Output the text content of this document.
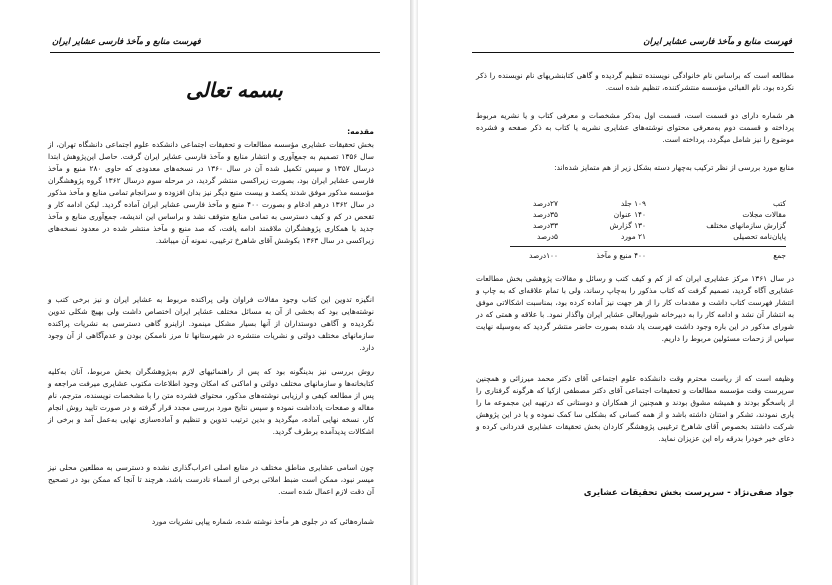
فهرست منابع و مآخذ فارسی عشایر ایران
بسمه تعالی
مقدمه:

بخش تحقیقات عشایری مؤسسه مطالعات و تحقیقات اجتماعی دانشکده علوم اجتماعی دانشگاه تهران، از سال ۱۳۵۶ تصمیم به جمع‌آوری و انتشار منابع و مآخذ فارسی عشایر ایران گرفت. حاصل این‌پژوهش ابتدا درسال ۱۳۵۷ و سپس تکمیل شده آن در سال ۱۳۶۰ در نسخه‌های معدودی که حاوی ۲۸۰ منبع و مآخذ فارسی عشایر ایران بود، بصورت زیراکسی منتشر گردید، در مرحله سوم درسال ۱۳۶۲ گروه پژوهشگران مؤسسه مذکور موفق شدند یکصد و بیست منبع دیگر نیز بدان افزوده و سرانجام تمامی منابع و مآخذ مذکور در سال ۱۳۶۲ درهم ادغام و بصورت ۴۰۰ منبع و مآخذ فارسی عشایر ایران آماده گردید. لیکن ادامه کار و تفحص در کم و کیف دسترسی به تمامی منابع متوقف نشد و براساس این اندیشه، جمع‌آوری منابع و مآخذ جدید با همکاری پژوهشگران ملاقمند ادامه یافت، که صد منبع و مآخذ منتشر شده در معدود نسخه‌های زیراکسی در سال ۱۳۶۳ بکوشش آقای شاهرخ ترغیبی، نمونه آن میباشد.

انگیزه تدوین این کتاب وجود مقالات فراوان ولی پراکنده مربوط به عشایر ایران و نیز برخی کتب و نوشته‌هایی بود که بخشی از آن به مسائل مختلف عشایر ایران اختصاص داشت ولی بهیچ شکلی تدوین نگردیده و آگاهی دوستداران از آنها بسیار مشکل مینمود. ازاینرو گاهی دسترسی به نشریات پراکنده سازمانهای مختلف دولتی و نشریات منتشره در شهرستانها تا مرز ناممکن بودن و عدم‌آگاهی از آن وجود دارد.

روش بررسی نیز بدینگونه بود که پس از راهنمائیهای لازم به‌پژوهشگران بخش مربوط، آنان به‌کلیه کتابخانه‌ها و سازمانهای مختلف دولتی و اماکنی که امکان وجود اطلاعات مکتوب عشایری میرفت مراجعه و پس از مطالعه کیفی و ارزیابی نوشته‌های مذکور، محتوای فشرده متن را با مشخصات نویسنده، مترجم، نام مقاله و صفحات یادداشت نموده و سپس نتایج مورد بررسی مجدد قرار گرفته و در صورت تایید روش انجام کار، نسخه نهایی آماده، میگردید و بدین ترتیب تدوین و تنظیم و آماده‌سازی نهایی به‌عمل آمد و برخی از اشکالات پدیدآمده برطرف گردید.

چون اسامی عشایری مناطق مختلف در منابع اصلی اعراب‌گذاری نشده و دسترسی به مطلعین محلی نیز میسر نبود، ممکن است ضبط املائی برخی از اسماء نادرست باشد، هرچند تا آنجا که ممکن بود در تصحیح آن دقت لازم اعمال شده است.

شماره‌هائی که در جلوی هر مأخذ نوشته شده، شماره پیاپی نشریات مورد

فهرست منابع و مآخذ فارسی عشایر ایران

مطالعه است که براساس نام خانوادگی نویسنده تنظیم گردیده و گاهی کتابنشریهای نام نویسنده را ذکر نکرده بود، نام الفبائی مؤسسه منتشرکننده، تنظیم شده است.

هر شماره دارای دو قسمت است، قسمت اول به‌ذکر مشخصات و معرفی کتاب و یا نشریه مربوط پرداخته و قسمت دوم به‌معرفی محتوای نوشته‌های عشایری نشریه یا کتاب به ذکر صفحه و فشرده موضوع را نیز شامل میگردد، پرداخته است.

منابع مورد بررسی از نظر ترکیب به‌چهار دسته بشکل زیر از هم متمایز شده‌اند:

کتب
۱۰۹ جلد
۲۷درصد
مقالات مجلات
۱۴۰ عنوان
۳۵درصد
گزارش سازمانهای مختلف
۱۳۰ گزارش
۳۳درصد
پایان‌نامه تحصیلی
۲۱ مورد
۵درصد
جمع
۴۰۰ منبع و مآخذ
۱۰۰درصد

در سال ۱۳۶۱ مرکز عشایری ایران که از کم و کیف کتب و رسائل و مقالات پژوهشی بخش مطالعات عشایری آگاه گردید، تصمیم گرفت که کتاب مذکور را به‌چاپ رساند، ولی با تمام علاقه‌ای که به چاپ و انتشار فهرست کتاب داشت و مقدمات کار را از هر جهت نیز آماده کرده بود، بمناسبت اشکالاتی موفق به انتشار آن نشد و ادامه کار را به دبیرخانه شورایعالی عشایر ایران واگذار نمود. با علاقه و همتی که در شورای مذکور در این باره وجود داشت فهرست یاد شده بصورت حاضر منتشر گردید که به‌وسیله نهایت سپاس از زحمات مسئولین مربوط را داریم.

وظیفه است که از ریاست محترم وقت دانشکده علوم اجتماعی آقای دکتر محمد میرزائی و همچنین سرپرست وقت مؤسسه مطالعات و تحقیقات اجتماعی آقای دکتر مصطفی ازکیا که هرگونه گرفتاری را از پاسخگو بودند و همیشه مشوق بودند و همچنین از همکاران و دوستانی که درتهیه این مجموعه ما را یاری نمودند، تشکر و امتنان داشته باشد و از همه کسانی که بشکلی سا کمک نموده و یا در این پژوهش شرکت داشتند بخصوص آقای شاهرخ ترغیبی پژوهشگر کاردان بخش تحقیقات عشایری قدردانی کرده و دعای خیر خودرا بدرقه راه این عزیزان نماید.

جواد صفی‌نژاد - سرپرست بخش تحقیقات عشایری
